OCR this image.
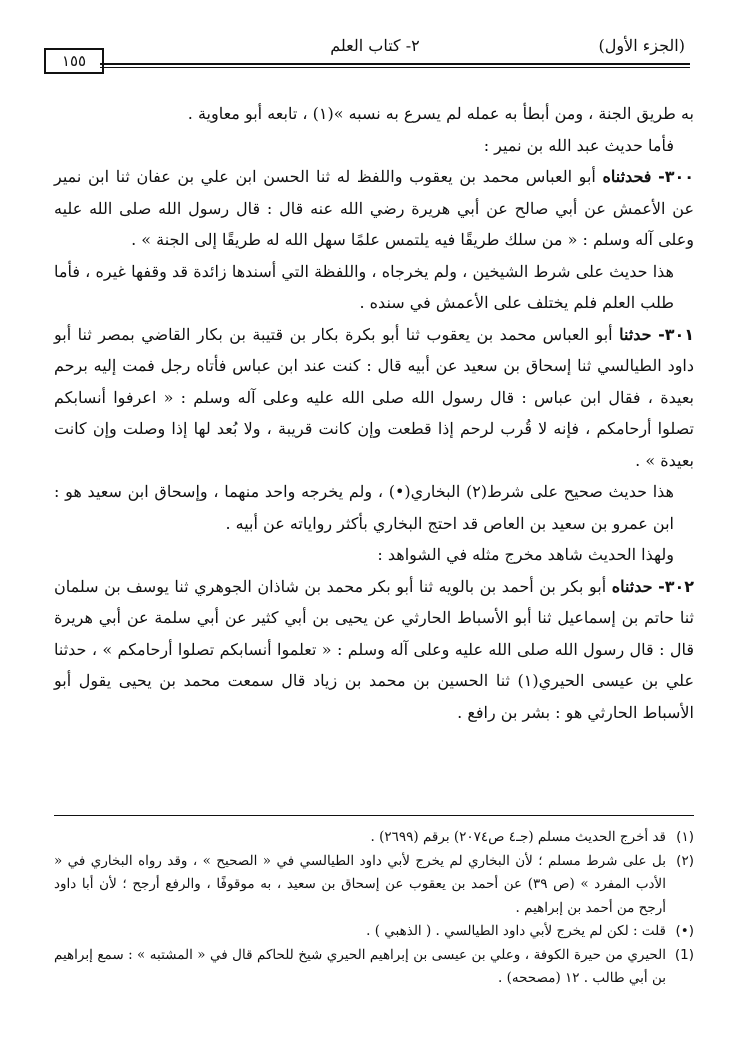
(الجزء الأول)
٢- كتاب العلم
١٥٥

به طريق الجنة ، ومن أبطأ به عمله لم يسرع به نسبه »(١) ، تابعه أبو معاوية .

فأما حديث عبد الله بن نمير :

٣٠٠- فحدثناه أبو العباس محمد بن يعقوب واللفظ له ثنا الحسن ابن علي بن عفان ثنا ابن نمير عن الأعمش عن أبي صالح عن أبي هريرة رضي الله عنه قال : قال رسول الله صلى الله عليه وعلى آله وسلم : « من سلك طريقًا فيه يلتمس علمًا سهل الله له طريقًا إلى الجنة » .

هذا حديث على شرط الشيخين ، ولم يخرجاه ، واللفظة التي أسندها زائدة قد وقفها غيره ، فأما طلب العلم فلم يختلف على الأعمش في سنده .

٣٠١- حدثنا أبو العباس محمد بن يعقوب ثنا أبو بكرة بكار بن قتيبة بن بكار القاضي بمصر ثنا أبو داود الطيالسي ثنا إسحاق بن سعيد عن أبيه قال : كنت عند ابن عباس فأتاه رجل فمت إليه برحم بعيدة ، فقال ابن عباس : قال رسول الله صلى الله عليه وعلى آله وسلم : « اعرفوا أنسابكم تصلوا أرحامكم ، فإنه لا قُرب لرحم إذا قطعت وإن كانت قريبة ، ولا بُعد لها إذا وصلت وإن كانت بعيدة » .

هذا حديث صحيح على شرط(٢) البخاري(•) ، ولم يخرجه واحد منهما ، وإسحاق ابن سعيد هو : ابن عمرو بن سعيد بن العاص قد احتج البخاري بأكثر رواياته عن أبيه .

ولهذا الحديث شاهد مخرج مثله في الشواهد :

٣٠٢- حدثناه أبو بكر بن أحمد بن بالويه ثنا أبو بكر محمد بن شاذان الجوهري ثنا يوسف بن سلمان ثنا حاتم بن إسماعيل ثنا أبو الأسباط الحارثي عن يحيى بن أبي كثير عن أبي سلمة عن أبي هريرة قال : قال رسول الله صلى الله عليه وعلى آله وسلم : « تعلموا أنسابكم تصلوا أرحامكم » ، حدثنا علي بن عيسى الحيري(١) ثنا الحسين بن محمد بن زياد قال سمعت محمد بن يحيى يقول أبو الأسباط الحارثي هو : بشر بن رافع .

(١)
قد أخرج الحديث مسلم (جـ٤ ص٢٠٧٤) برقم (٢٦٩٩) .
(٢)
بل على شرط مسلم ؛ لأن البخاري لم يخرج لأبي داود الطيالسي في « الصحيح » ، وقد رواه البخاري في « الأدب المفرد » (ص ٣٩) عن أحمد بن يعقوب عن إسحاق بن سعيد ، به موقوفًا ، والرفع أرجح ؛ لأن أبا داود أرجح من أحمد بن إبراهيم .
(•)
قلت : لكن لم يخرج لأبي داود الطيالسي . ( الذهبي ) .
(1)
الحيري من حيرة الكوفة ، وعلي بن عيسى بن إبراهيم الحيري شيخ للحاكم قال في « المشتبه » : سمع إبراهيم بن أبي طالب . ١٢ (مصححه) .
